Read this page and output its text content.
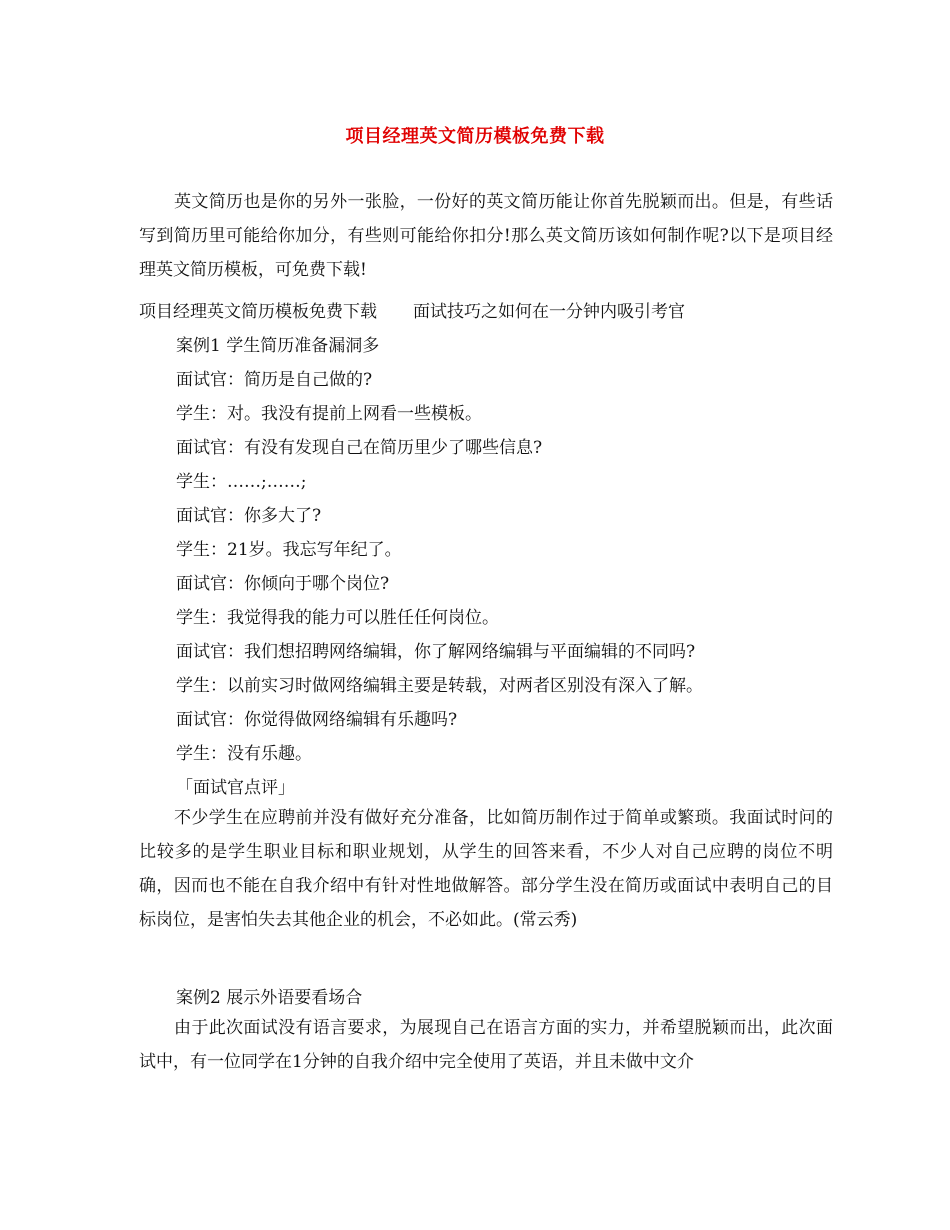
项目经理英文简历模板免费下载

英文简历也是你的另外一张脸，一份好的英文简历能让你首先脱颖而出。但是，有些话写到简历里可能给你加分，有些则可能给你扣分!那么英文简历该如何制作呢?以下是项目经理英文简历模板，可免费下载!

项目经理英文简历模板免费下载 面试技巧之如何在一分钟内吸引考官
案例1 学生简历准备漏洞多
面试官：简历是自己做的?
学生：对。我没有提前上网看一些模板。
面试官：有没有发现自己在简历里少了哪些信息?
学生：……;……;
面试官：你多大了?
学生：21岁。我忘写年纪了。
面试官：你倾向于哪个岗位?
学生：我觉得我的能力可以胜任任何岗位。
面试官：我们想招聘网络编辑，你了解网络编辑与平面编辑的不同吗?
学生：以前实习时做网络编辑主要是转载，对两者区别没有深入了解。
面试官：你觉得做网络编辑有乐趣吗?
学生：没有乐趣。
「面试官点评」

不少学生在应聘前并没有做好充分准备，比如简历制作过于简单或繁琐。我面试时问的比较多的是学生职业目标和职业规划，从学生的回答来看，不少人对自己应聘的岗位不明确，因而也不能在自我介绍中有针对性地做解答。部分学生没在简历或面试中表明自己的目标岗位，是害怕失去其他企业的机会，不必如此。(常云秀)

案例2 展示外语要看场合

由于此次面试没有语言要求，为展现自己在语言方面的实力，并希望脱颖而出，此次面试中，有一位同学在1分钟的自我介绍中完全使用了英语，并且未做中文介
